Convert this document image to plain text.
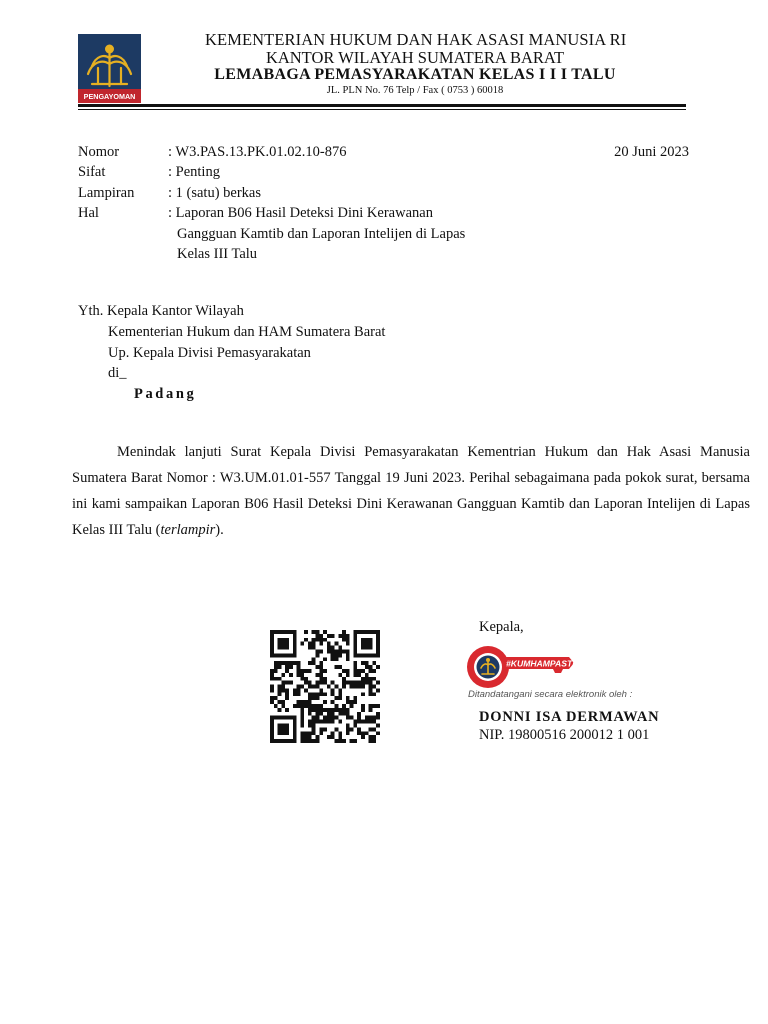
PENGAYOMAN
KEMENTERIAN HUKUM DAN HAK ASASI MANUSIA RI
KANTOR WILAYAH SUMATERA BARAT
LEMABAGA PEMASYARAKATAN KELAS I I I TALU
JL. PLN No. 76 Telp / Fax ( 0753 ) 60018
Nomor	: W3.PAS.13.PK.01.02.10-876
Sifat	: Penting
Lampiran : 1 (satu) berkas
Hal	: Laporan B06 Hasil Deteksi Dini Kerawanan
Gangguan Kamtib dan Laporan Intelijen di Lapas
Kelas III Talu
20 Juni 2023
Yth. Kepala Kantor Wilayah
Kementerian Hukum dan HAM Sumatera Barat
Up. Kepala Divisi Pemasyarakatan
di_
Padang

Menindak lanjuti Surat Kepala Divisi Pemasyarakatan Kementrian Hukum dan Hak Asasi Manusia Sumatera Barat Nomor : W3.UM.01.01-557 Tanggal 19 Juni 2023. Perihal sebagaimana pada pokok surat, bersama ini kami sampaikan Laporan B06 Hasil Deteksi Dini Kerawanan Gangguan Kamtib dan Laporan Intelijen di Lapas Kelas III Talu (terlampir).

Kepala,
#KUMHAMPASTI
Ditandatangani secara elektronik oleh :
DONNI ISA DERMAWAN
NIP. 19800516 200012 1 001
